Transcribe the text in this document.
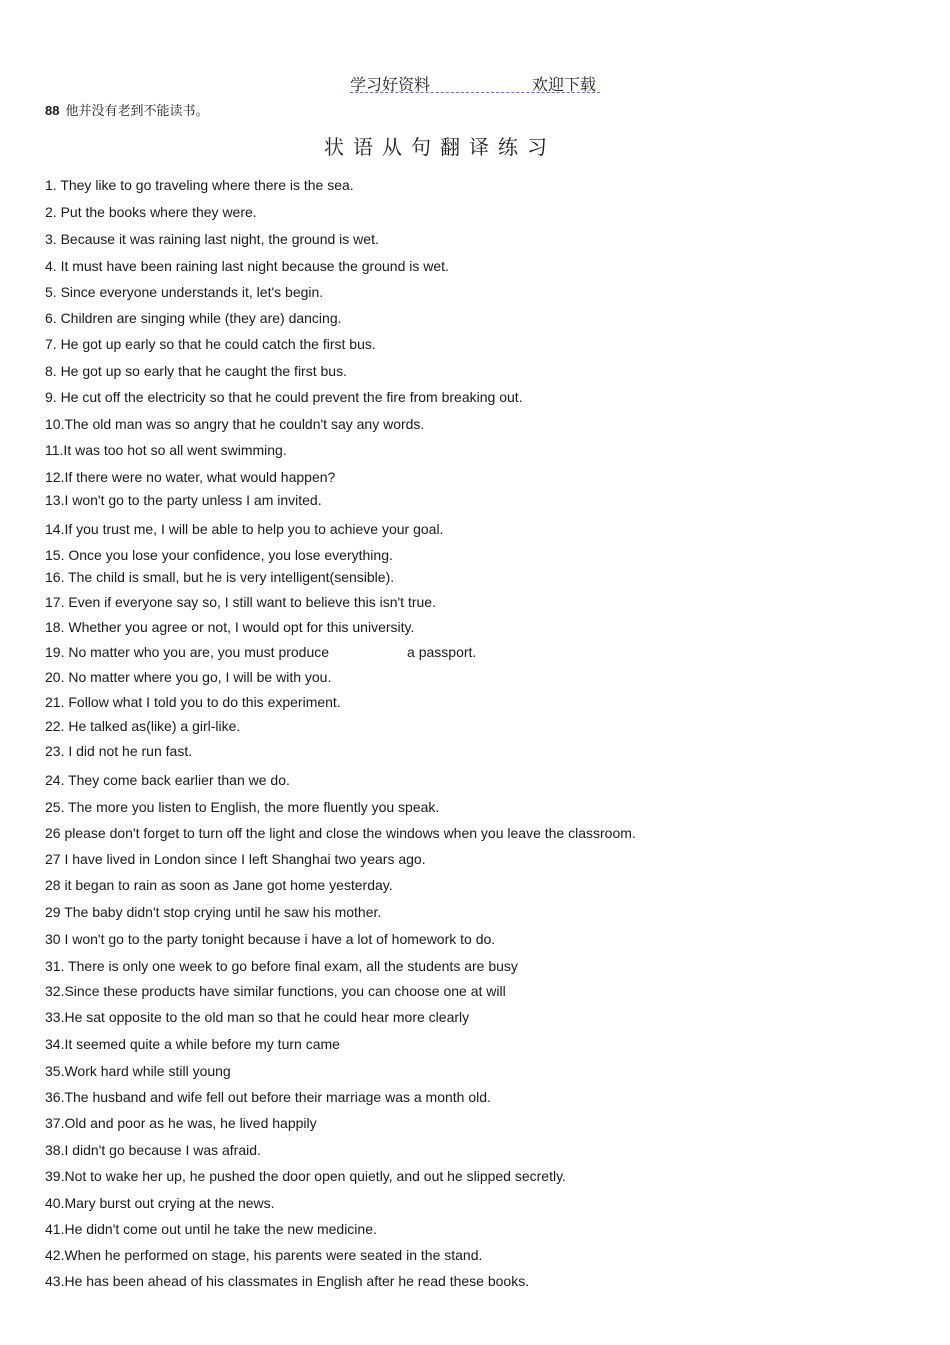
学习好资料	欢迎下载
88 他并没有老到不能读书。
状语从句翻译练习
1. They like to go traveling where there is the sea.
2. Put the books where they were.
3. Because it was raining last night, the ground is wet.
4. It must have been raining last night because the ground is wet.
5. Since everyone understands it, let's begin.
6. Children are singing while (they are) dancing.
7. He got up early so that he could catch the first bus.
8. He got up so early that he caught the first bus.
9. He cut off the electricity so that he could prevent the fire from breaking out.
10.The old man was so angry that he couldn't say any words.
11.It was too hot so all went swimming.
12.If there were no water, what would happen?
13.I won't go to the party unless I am invited.
14.If you trust me, I will be able to help you to achieve your goal.
15. Once you lose your confidence, you lose everything.
16. The child is small, but he is very intelligent(sensible).
17. Even if everyone say so, I still want to believe this isn't true.
18. Whether you agree or not, I would opt for this university.
19. No matter who you are, you must produce	a passport.
20. No matter where you go, I will be with you.
21. Follow what I told you to do this experiment.
22. He talked as(like) a girl-like.
23. I did not he run fast.
24. They come back earlier than we do.
25. The more you listen to English, the more fluently you speak.
26 please don't forget to turn off the light and close the windows when you leave the classroom.
27 I have lived in London since I left Shanghai two years ago.
28 it began to rain as soon as Jane got home yesterday.
29 The baby didn't stop crying until he saw his mother.
30 I won't go to the party tonight because i have a lot of homework to do.
31. There is only one week to go before final exam, all the students are busy
32.Since these products have similar functions, you can choose one at will
33.He sat opposite to the old man so that he could hear more clearly
34.It seemed quite a while before my turn came
35.Work hard while still young
36.The husband and wife fell out before their marriage was a month old.
37.Old and poor as he was, he lived happily
38.I didn't go because I was afraid.
39.Not to wake her up, he pushed the door open quietly, and out he slipped secretly.
40.Mary burst out crying at the news.
41.He didn't come out until he take the new medicine.
42.When he performed on stage, his parents were seated in the stand.
43.He has been ahead of his classmates in English after he read these books.
